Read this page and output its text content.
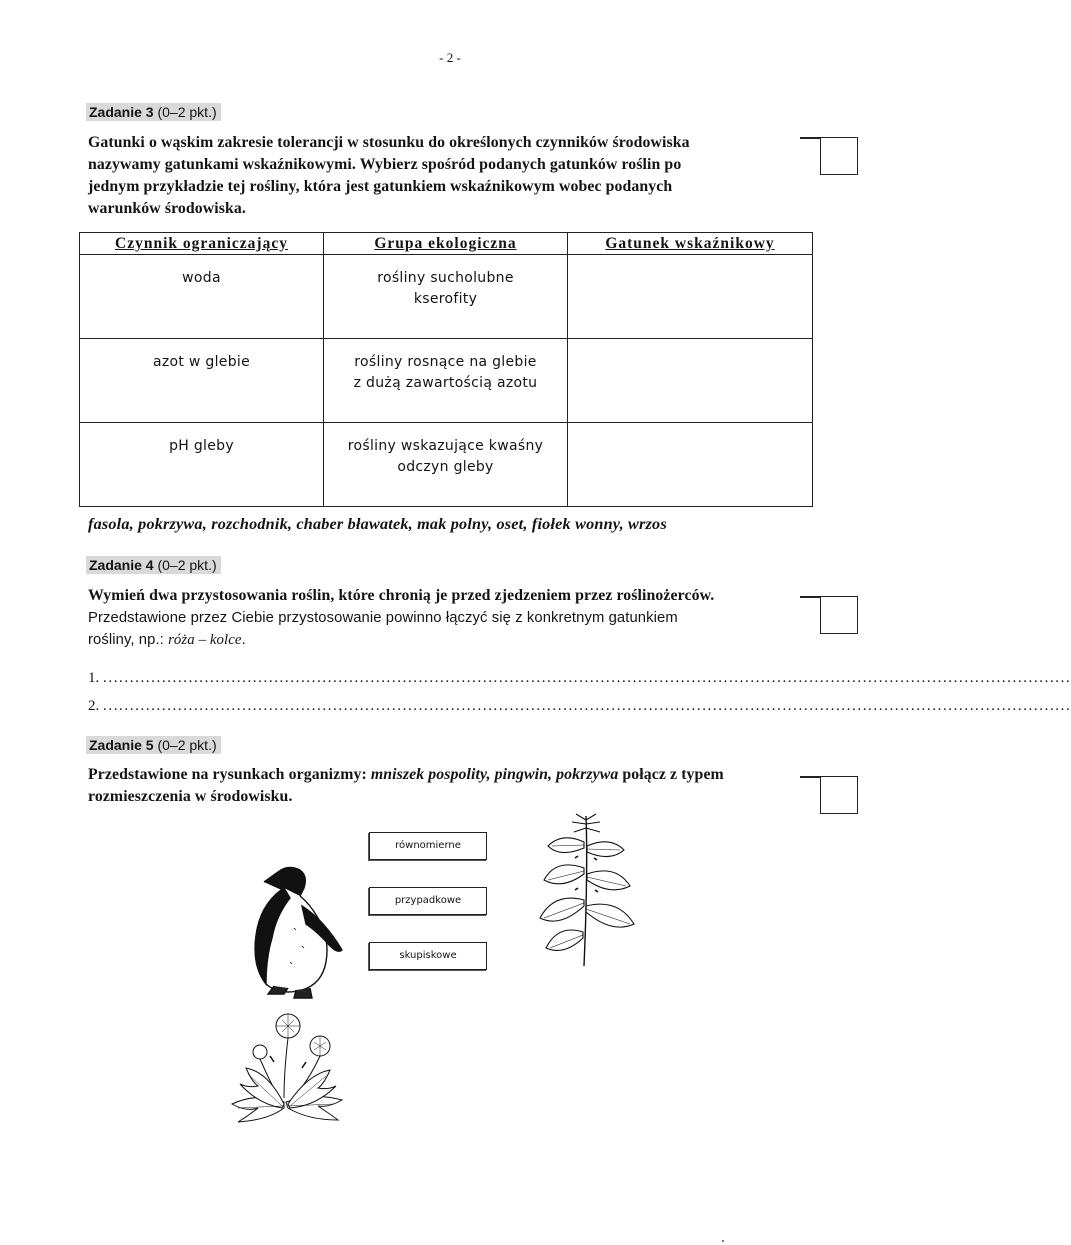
- 2 -
Zadanie 3 (0–2 pkt.)
Gatunki o wąskim zakresie tolerancji w stosunku do określonych czynników środowiska
nazywamy gatunkami wskaźnikowymi. Wybierz spośród podanych gatunków roślin po
jednym przykładzie tej rośliny, która jest gatunkiem wskaźnikowym wobec podanych
warunków środowiska.
Czynnik ograniczający	Grupa ekologiczna	Gatunek wskaźnikowy
woda	rośliny sucholubne
kserofity	

azot w glebie	rośliny rosnące na glebie
z dużą zawartością azotu	

pH gleby	rośliny wskazujące kwaśny
odczyn gleby	

fasola, pokrzywa, rozchodnik, chaber bławatek, mak polny, oset, fiołek wonny, wrzos
Zadanie 4 (0–2 pkt.)
Wymień dwa przystosowania roślin, które chronią je przed zjedzeniem przez roślinożerców.
Przedstawione przez Ciebie przystosowanie powinno łączyć się z konkretnym gatunkiem
rośliny, np.: róża – kolce.
1. .....................................................................................................................................................................................
2. .....................................................................................................................................................................................
Zadanie 5 (0–2 pkt.)
Przedstawione na rysunkach organizmy: mniszek pospolity, pingwin, pokrzywa połącz z typem
rozmieszczenia w środowisku.
równomierne
przypadkowe
skupiskowe
